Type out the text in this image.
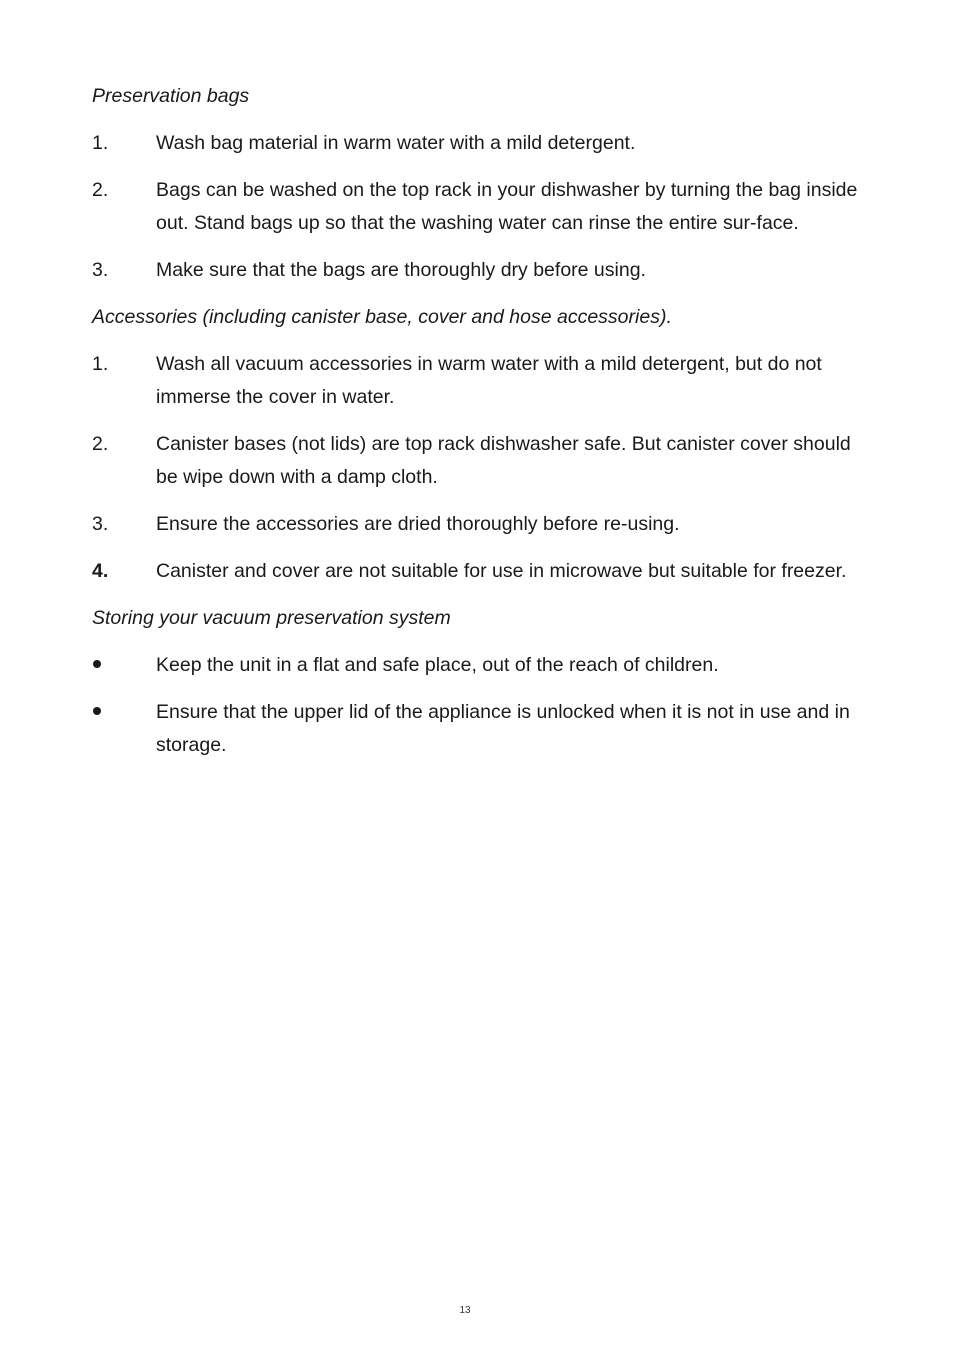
Preservation bags

1.	Wash bag material in warm water with a mild detergent.
2.	Bags can be washed on the top rack in your dishwasher by turning the bag inside out. Stand bags up so that the washing water can rinse the entire sur-face.
3.	Make sure that the bags are thoroughly dry before using.

Accessories (including canister base, cover and hose accessories).

1.	Wash all vacuum accessories in warm water with a mild detergent, but do not immerse the cover in water.
2.	Canister bases (not lids) are top rack dishwasher safe. But canister cover should be wipe down with a damp cloth.
3.	Ensure the accessories are dried thoroughly before re-using.
4.	Canister and cover are not suitable for use in microwave but suitable for freezer.

Storing your vacuum preservation system

Keep the unit in a flat and safe place, out of the reach of children.
Ensure that the upper lid of the appliance is unlocked when it is not in use and in storage.
13
